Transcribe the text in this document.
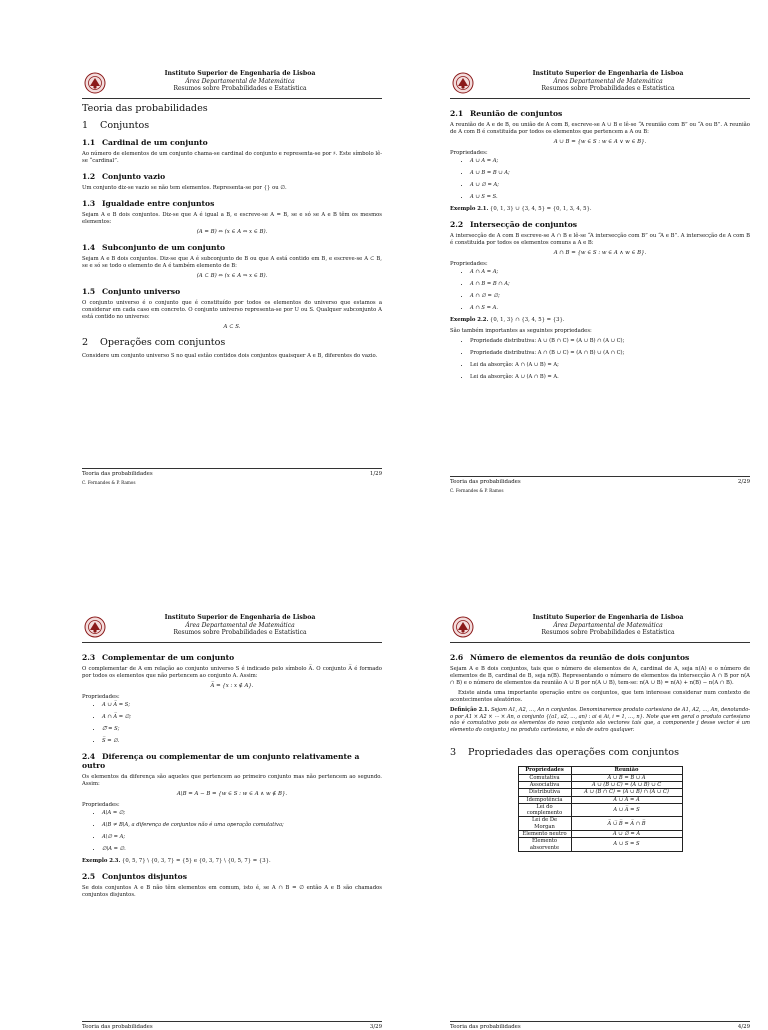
Instituto Superior de Engenharia de Lisboa
Área Departamental de Matemática
Resumos sobre Probabilidades e Estatística
Teoria das probabilidades
1 Conjuntos
1.1 Cardinal de um conjunto

Ao número de elementos de um conjunto chama-se cardinal do conjunto e representa-se por ♯. Este símbolo lê-se “cardinal”.

1.2 Conjunto vazio

Um conjunto diz-se vazio se não tem elementos. Representa-se por {} ou ∅.

1.3 Igualdade entre conjuntos

Sejam A e B dois conjuntos. Diz-se que A é igual a B, e escreve-se A = B, se e só se A e B têm os mesmos elementos:

(A = B) ⇔ (x ∈ A ⇔ x ∈ B).
1.4 Subconjunto de um conjunto

Sejam A e B dois conjuntos. Diz-se que A é subconjunto de B ou que A está contido em B, e escreve-se A ⊂ B, se e só se todo o elemento de A é também elemento de B:

(A ⊂ B) ⇔ (x ∈ A ⇒ x ∈ B).
1.5 Conjunto universo

O conjunto universo é o conjunto que é constituído por todos os elementos do universo que estamos a considerar em cada caso em concreto. O conjunto universo representa-se por U ou S. Qualquer subconjunto A está contido no universo:

A ⊂ S.
2 Operações com conjuntos

Considere um conjunto universo S no qual estão contidos dois conjuntos quaisquer A e B, diferentes do vazio.

Teoria das probabilidades	1/29
C. Fernandes & P. Ramos
Instituto Superior de Engenharia de Lisboa
Área Departamental de Matemática
Resumos sobre Probabilidades e Estatística
2.1 Reunião de conjuntos

A reunião de A e de B, ou união de A com B, escreve-se A ∪ B e lê-se “A reunião com B” ou “A ou B”. A reunião de A com B é constituída por todos os elementos que pertencem a A ou B:

A ∪ B = {w ∈ S : w ∈ A ∨ w ∈ B}.
Propriedades:
• A ∪ A = A;
• A ∪ B = B ∪ A;
• A ∪ ∅ = A;
• A ∪ S = S.
Exemplo 2.1. {0, 1, 3} ∪ {3, 4, 5} = {0, 1, 3, 4, 5}.
2.2 Intersecção de conjuntos

A intersecção de A com B escreve-se A ∩ B e lê-se “A intersecção com B” ou “A e B”. A intersecção de A com B é constituída por todos os elementos comuns a A e B:

A ∩ B = {w ∈ S : w ∈ A ∧ w ∈ B}.
Propriedades:
• A ∩ A = A;
• A ∩ B = B ∩ A;
• A ∩ ∅ = ∅;
• A ∩ S = A.
Exemplo 2.2. {0, 1, 3} ∩ {3, 4, 5} = {3}.

São também importantes as seguintes propriedades:

• Propriedade distributiva: A ∪ (B ∩ C) = (A ∪ B) ∩ (A ∪ C);
• Propriedade distributiva: A ∩ (B ∪ C) = (A ∩ B) ∪ (A ∩ C);
• Lei da absorção: A ∩ (A ∪ B) = A;
• Lei da absorção: A ∪ (A ∩ B) = A.
Teoria das probabilidades	2/29
C. Fernandes & P. Ramos
Instituto Superior de Engenharia de Lisboa
Área Departamental de Matemática
Resumos sobre Probabilidades e Estatística
2.3 Complementar de um conjunto

O complementar de A em relação ao conjunto universo S é indicado pelo símbolo A̅. O conjunto A̅ é formado por todos os elementos que não pertencem ao conjunto A. Assim:

A̅ = {x : x ∉ A}.
Propriedades:
• A ∪ A̅ = S;
• A ∩ A̅ = ∅;
• ∅̅ = S;
• S̅ = ∅.
2.4 Diferença ou complementar de um conjunto relativamente a outro

Os elementos da diferença são aqueles que pertencem ao primeiro conjunto mas não pertencem ao segundo. Assim:

A\B = A − B = {w ∈ S : w ∈ A ∧ w ∉ B}.
Propriedades:
• A\A = ∅;
• A\B ≠ B\A, a diferença de conjuntos não é uma operação comutativa;
• A\∅ = A;
• ∅\A = ∅.
Exemplo 2.3. {0, 5, 7} \ {0, 3, 7} = {5} e {0, 3, 7} \ {0, 5, 7} = {3}.
2.5 Conjuntos disjuntos

Se dois conjuntos A e B não têm elementos em comum, isto é, se A ∩ B = ∅ então A e B são chamados conjuntos disjuntos.

Teoria das probabilidades	3/29
Instituto Superior de Engenharia de Lisboa
Área Departamental de Matemática
Resumos sobre Probabilidades e Estatística
2.6 Número de elementos da reunião de dois conjuntos

Sejam A e B dois conjuntos, tais que o número de elementos de A, cardinal de A, seja n(A) e o número de elementos de B, cardinal de B, seja n(B). Representando o número de elementos da intersecção A ∩ B por n(A ∩ B) e o número de elementos da reunião A ∪ B por n(A ∪ B), tem-se: n(A ∪ B) = n(A) + n(B) − n(A ∩ B).

Existe ainda uma importante operação entre os conjuntos, que tem interesse considerar num contexto de acontecimentos aleatórios.

Definição 2.1. Sejam A1, A2, …, An n conjuntos. Denominaremos produto cartesiano de A1, A2, …, An, denotando-o por A1 × A2 × ⋯ × An, o conjunto {(a1, a2, …, an) : ai ∈ Ai, i = 1, …, n}. Note que em geral o produto cartesiano não é comutativo pois os elementos do novo conjunto são vectores tais que, a componente j desse vector é um elemento do conjunto j no produto cartesiano, e não de outro qualquer.
3 Propriedades das operações com conjuntos
Propriedades	Reunião
Comutativa	A ∪ B = B ∪ A
Associativa	A ∪ (B ∪ C) = (A ∪ B) ∪ C
Distributiva	A ∪ (B ∩ C) = (A ∪ B) ∩ (A ∪ C)
Idempotência	A ∪ A = A
Lei do complemento	A ∪ A̅ = S
Lei de De Morgan	A̅ ∪̅ B̅ = A̅ ∩ B̅
Elemento neutro	A ∪ ∅ = A
Elemento absorvente	A ∪ S = S
Teoria das probabilidades	4/29
